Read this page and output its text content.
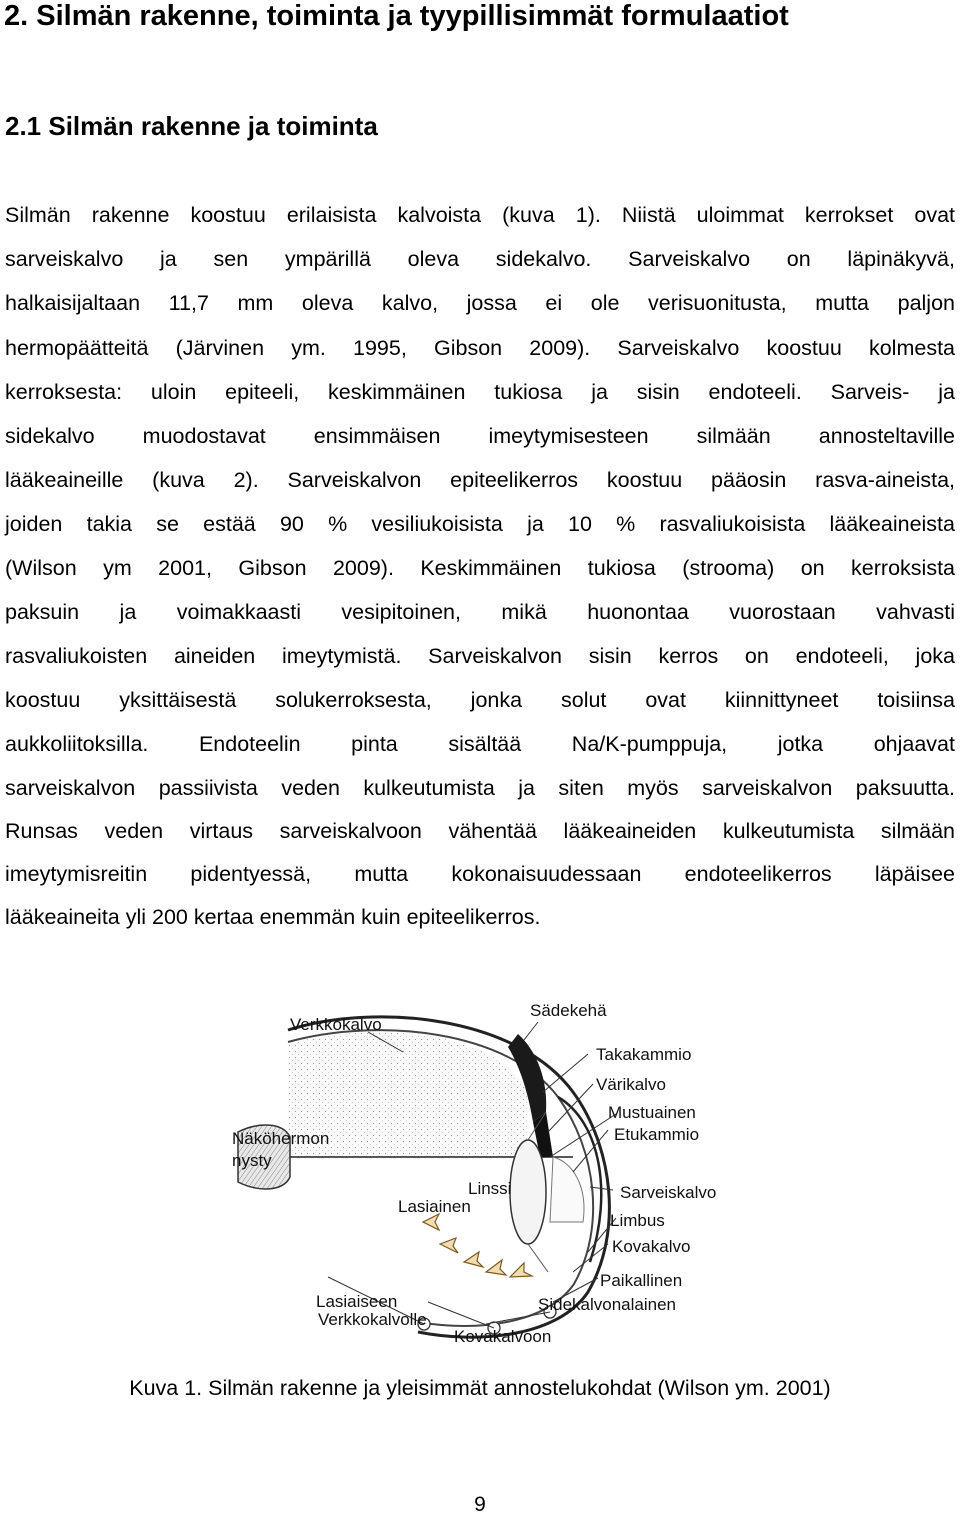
2. Silmän rakenne, toiminta ja tyypillisimmät formulaatiot
2.1 Silmän rakenne ja toiminta

Silmän rakenne koostuu erilaisista kalvoista (kuva 1). Niistä uloimmat kerrokset ovat

sarveiskalvo ja sen ympärillä oleva sidekalvo. Sarveiskalvo on läpinäkyvä,

halkaisijaltaan 11,7 mm oleva kalvo, jossa ei ole verisuonitusta, mutta paljon

hermopäätteitä (Järvinen ym. 1995, Gibson 2009). Sarveiskalvo koostuu kolmesta

kerroksesta: uloin epiteeli, keskimmäinen tukiosa ja sisin endoteeli. Sarveis- ja

sidekalvo muodostavat ensimmäisen imeytymisesteen silmään annosteltaville

lääkeaineille (kuva 2). Sarveiskalvon epiteelikerros koostuu pääosin rasva-aineista,

joiden takia se estää 90 % vesiliukoisista ja 10 % rasvaliukoisista lääkeaineista

(Wilson ym 2001, Gibson 2009). Keskimmäinen tukiosa (strooma) on kerroksista

paksuin ja voimakkaasti vesipitoinen, mikä huonontaa vuorostaan vahvasti

rasvaliukoisten aineiden imeytymistä. Sarveiskalvon sisin kerros on endoteeli, joka

koostuu yksittäisestä solukerroksesta, jonka solut ovat kiinnittyneet toisiinsa

aukkoliitoksilla. Endoteelin pinta sisältää Na/K-pumppuja, jotka ohjaavat

sarveiskalvon passiivista veden kulkeutumista ja siten myös sarveiskalvon paksuutta.

Runsas veden virtaus sarveiskalvoon vähentää lääkeaineiden kulkeutumista silmään

imeytymisreitin pidentyessä, mutta kokonaisuudessaan endoteelikerros läpäisee

lääkeaineita yli 200 kertaa enemmän kuin epiteelikerros.

Verkkokalvo
Sädekehä
Takakammio
Värikalvo
Mustuainen
Etukammio
Näköhermon
nysty
Linssi
Lasiainen
Sarveiskalvo
Limbus
Kovakalvo
Paikallinen
Sidekalvonalainen
Lasiaiseen
Verkkokalvolle
Kovakalvoon
Kuva 1. Silmän rakenne ja yleisimmät annostelukohdat (Wilson ym. 2001)
9
